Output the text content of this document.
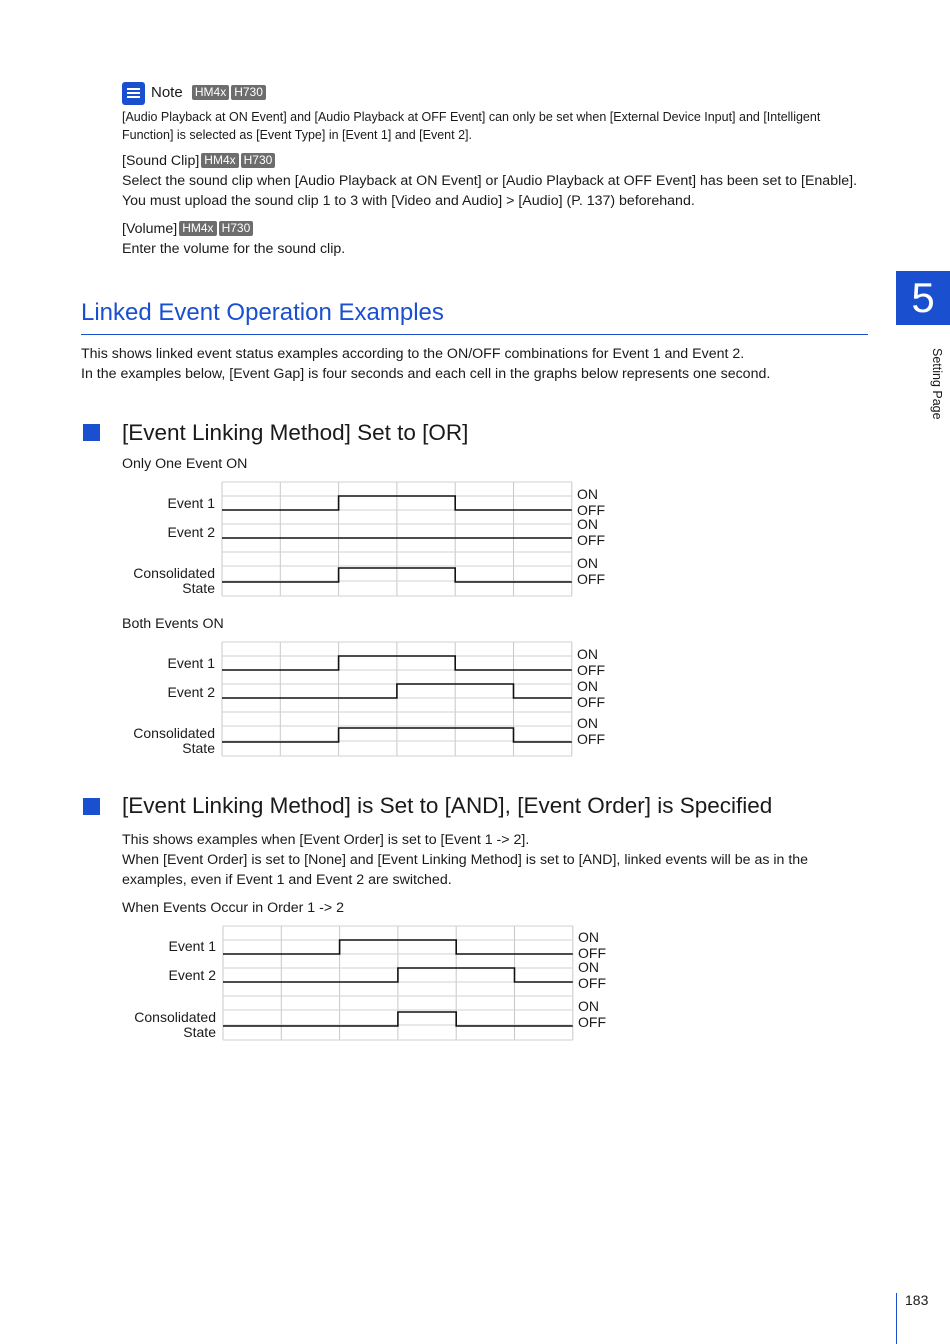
Note HM4x H730
[Audio Playback at ON Event] and [Audio Playback at OFF Event] can only be set when [External Device Input] and [Intelligent
Function] is selected as [Event Type] in [Event 1] and [Event 2].
[Sound Clip] HM4x H730
Select the sound clip when [Audio Playback at ON Event] or [Audio Playback at OFF Event] has been set to [Enable].
You must upload the sound clip 1 to 3 with [Video and Audio] > [Audio] (P. 137) beforehand.
[Volume] HM4x H730
Enter the volume for the sound clip.
Linked Event Operation Examples
This shows linked event status examples according to the ON/OFF combinations for Event 1 and Event 2.
In the examples below, [Event Gap] is four seconds and each cell in the graphs below represents one second.
[Event Linking Method] Set to [OR]
Only One Event ON
Event 1
Event 2
Consolidated
State
ON
OFF
ON
OFF
ON
OFF
Both Events ON
Event 1
Event 2
Consolidated
State
ON
OFF
ON
OFF
ON
OFF
[Event Linking Method] is Set to [AND], [Event Order] is Specified
This shows examples when [Event Order] is set to [Event 1 -> 2].
When [Event Order] is set to [None] and [Event Linking Method] is set to [AND], linked events will be as in the
examples, even if Event 1 and Event 2 are switched.
When Events Occur in Order 1 -> 2
Event 1
Event 2
Consolidated
State
ON
OFF
ON
OFF
ON
OFF
5
Setting Page
183
